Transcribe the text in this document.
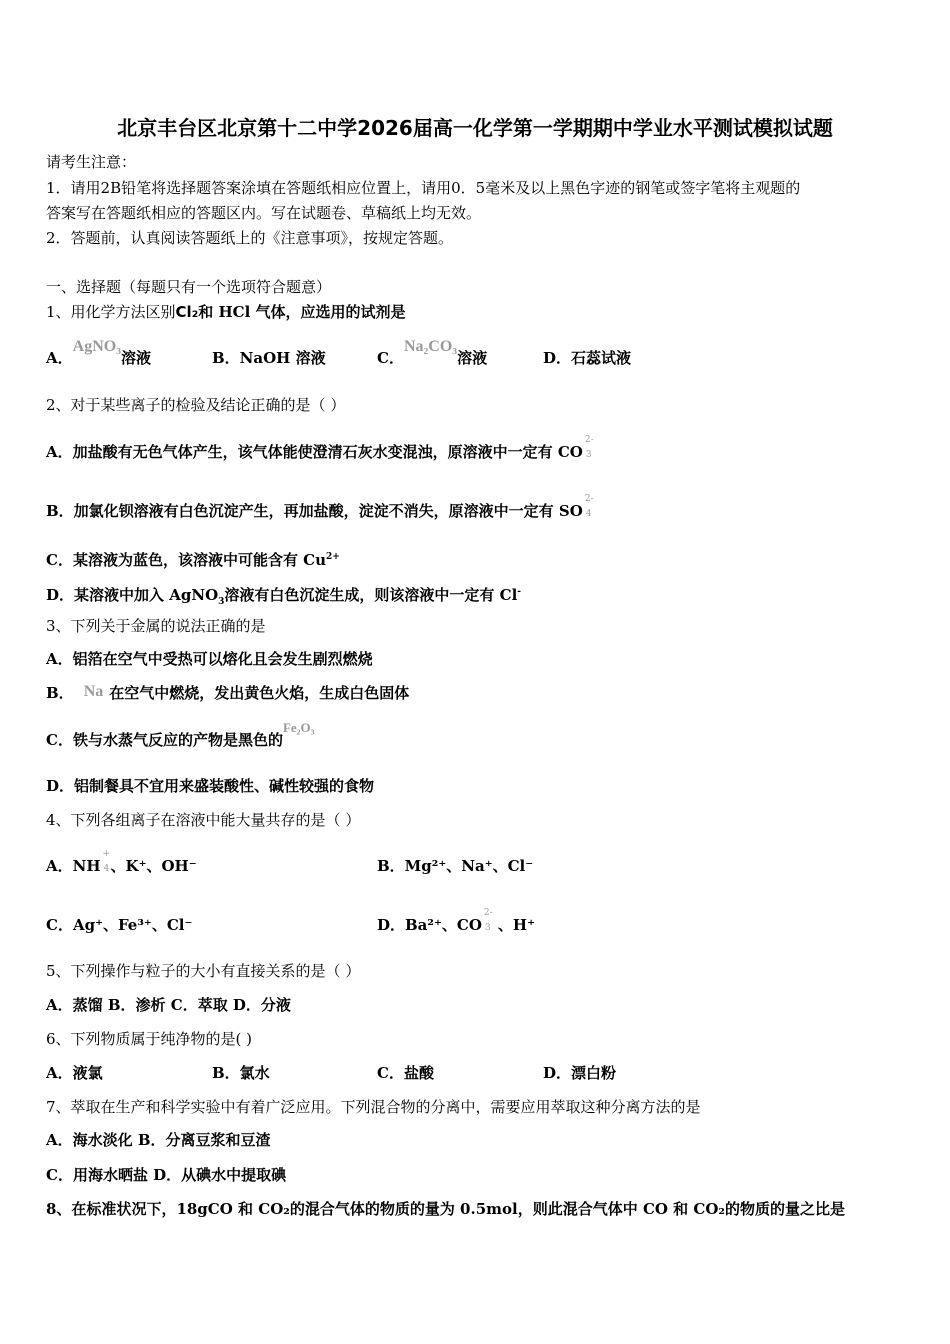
北京丰台区北京第十二中学2026届高一化学第一学期期中学业水平测试模拟试题
请考生注意：
1．请用2B铅笔将选择题答案涂填在答题纸相应位置上，请用0．5毫米及以上黑色字迹的钢笔或签字笔将主观题的
答案写在答题纸相应的答题区内。写在试题卷、草稿纸上均无效。
2．答题前，认真阅读答题纸上的《注意事项》，按规定答题。
一、选择题（每题只有一个选项符合题意）
1、用化学方法区别Cl₂和 HCl 气体，应选用的试剂是
A．AgNO₃溶液	B．NaOH 溶液	C．Na₂CO₃溶液	D．石蕊试液
2、对于某些离子的检验及结论正确的是（ ）
A．加盐酸有无色气体产生，该气体能使澄清石灰水变混浊，原溶液中一定有 CO
2-
3
B．加氯化钡溶液有白色沉淀产生，再加盐酸，淀淀不消失，原溶液中一定有 SO
2-
4
C．某溶液为蓝色，该溶液中可能含有 $Cu^{2+}$
D．某溶液中加入 AgNO$_3$溶液有白色沉淀生成，则该溶液中一定有 Cl-
3、下列关于金属的说法正确的是
A．铝箔在空气中受热可以熔化且会发生剧烈燃烧
B． Na 在空气中燃烧，发出黄色火焰，生成白色固体
C．铁与水蒸气反应的产物是黑色的Fe₂O₃
D．铝制餐具不宜用来盛装酸性、碱性较强的食物
4、下列各组离子在溶液中能大量共存的是（ ）
A．NH
+
4 、K⁺、OH⁻	B．Mg²⁺、Na⁺、Cl⁻
C．Ag⁺、Fe³⁺、Cl⁻	D．Ba²⁺、CO
2-
3 、H⁺
5、下列操作与粒子的大小有直接关系的是（ ）
A．蒸馏 B．渗析 C．萃取 D．分液
6、下列物质属于纯净物的是( )
A．液氯	B．氯水	C．盐酸	D．漂白粉
7、萃取在生产和科学实验中有着广泛应用。下列混合物的分离中，需要应用萃取这种分离方法的是
A．海水淡化 B．分离豆浆和豆渣
C．用海水晒盐 D．从碘水中提取碘
8、在标准状况下，18gCO 和 CO₂的混合气体的物质的量为 0.5mol，则此混合气体中 CO 和 CO₂的物质的量之比是
